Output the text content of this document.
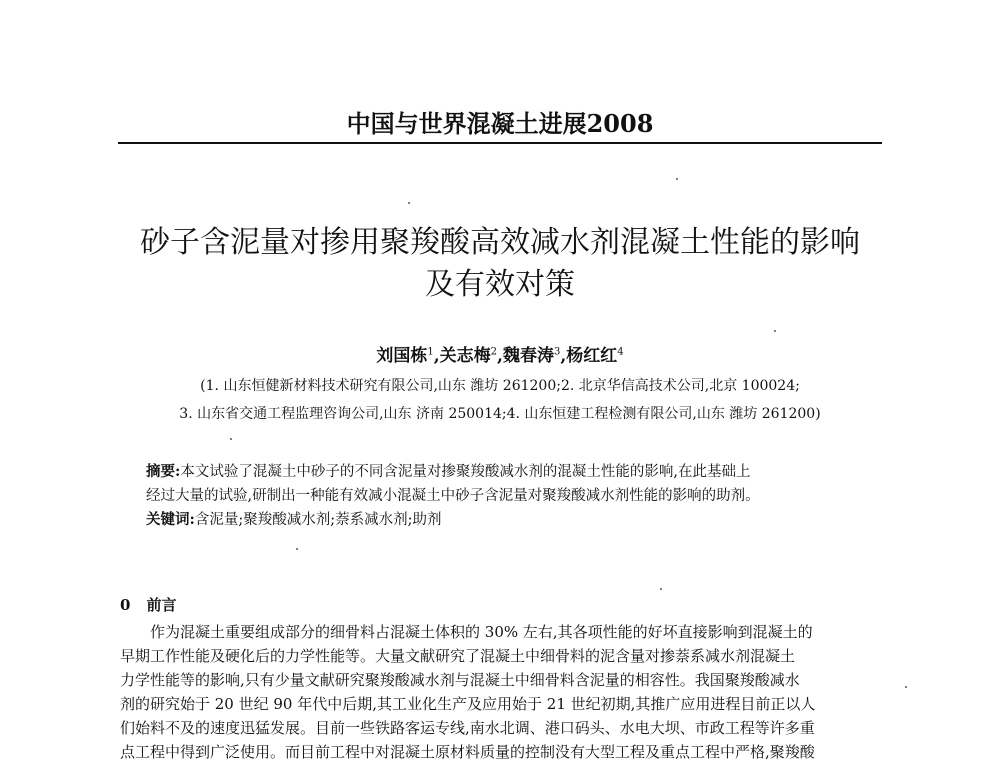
中国与世界混凝土进展2008
砂子含泥量对掺用聚羧酸高效减水剂混凝土性能的影响
及有效对策
刘国栋$^1$,关志梅$^2$,魏春涛$^3$,杨红红$^4$
(1. 山东恒健新材料技术研究有限公司,山东 潍坊 261200;2. 北京华信高技术公司,北京 100024;
3. 山东省交通工程监理咨询公司,山东 济南 250014;4. 山东恒建工程检测有限公司,山东 潍坊 261200)
摘要:本文试验了混凝土中砂子的不同含泥量对掺聚羧酸减水剂的混凝土性能的影响,在此基础上
经过大量的试验,研制出一种能有效减小混凝土中砂子含泥量对聚羧酸减水剂性能的影响的助剂。
关键词:含泥量;聚羧酸减水剂;萘系减水剂;助剂
0 前言
作为混凝土重要组成部分的细骨料占混凝土体积的 30% 左右,其各项性能的好坏直接影响到混凝土的
早期工作性能及硬化后的力学性能等。大量文献研究了混凝土中细骨料的泥含量对掺萘系减水剂混凝土
力学性能等的影响,只有少量文献研究聚羧酸减水剂与混凝土中细骨料含泥量的相容性。我国聚羧酸减水
剂的研究始于 20 世纪 90 年代中后期,其工业化生产及应用始于 21 世纪初期,其推广应用进程目前正以人
们始料不及的速度迅猛发展。目前一些铁路客运专线,南水北调、港口码头、水电大坝、市政工程等许多重
点工程中得到广泛使用。而目前工程中对混凝土原材料质量的控制没有大型工程及重点工程中严格,聚羧酸
